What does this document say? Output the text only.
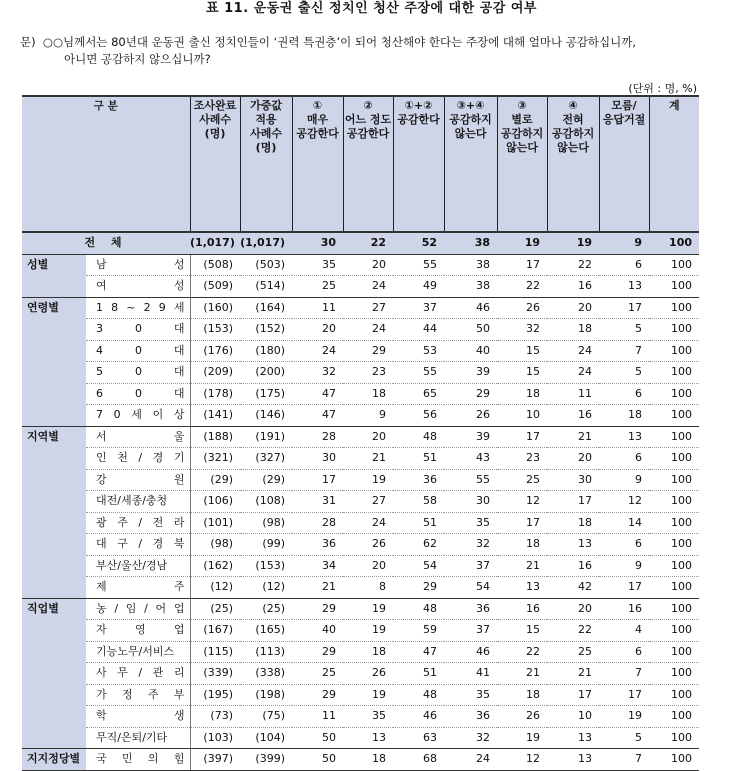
표 11. 운동권 출신 정치인 청산 주장에 대한 공감 여부
문) ○○님께서는 80년대 운동권 출신 정치인들이 ‘권력 특권층’이 되어 청산해야 한다는 주장에 대해 얼마나 공감하십니까,
아니면 공감하지 않으십니까?
(단위 : 명, %)
구 분		조사완료
사례수
(명)	가중값
적용
사례수
(명)	①
매우
공감한다	②
어느 정도
공감한다	①+②
공감한다	③+④
공감하지
않는다	③
별로
공감하지
않는다	④
전혀
공감하지
않는다	모름/
응답거절	계

전 체		(1,017)	(1,017)	30	22	52	38	19	19	9	100
성별	남 성	(508)	(503)	35	20	55	38	17	22	6	100
	여 성	(509)	(514)	25	24	49	38	22	16	13	100
연령별	1 8 ~ 2 9 세	(160)	(164)	11	27	37	46	26	20	17	100
	3 0 대	(153)	(152)	20	24	44	50	32	18	5	100
	4 0 대	(176)	(180)	24	29	53	40	15	24	7	100
	5 0 대	(209)	(200)	32	23	55	39	15	24	5	100
	6 0 대	(178)	(175)	47	18	65	29	18	11	6	100
	7 0 세 이 상	(141)	(146)	47	9	56	26	10	16	18	100
지역별	서 울	(188)	(191)	28	20	48	39	17	21	13	100
	인 천 / 경 기	(321)	(327)	30	21	51	43	23	20	6	100
	강 원	(29)	(29)	17	19	36	55	25	30	9	100
	대전/세종/충청	(106)	(108)	31	27	58	30	12	17	12	100
	광 주 / 전 라	(101)	(98)	28	24	51	35	17	18	14	100
	대 구 / 경 북	(98)	(99)	36	26	62	32	18	13	6	100
	부산/울산/경남	(162)	(153)	34	20	54	37	21	16	9	100
	제 주	(12)	(12)	21	8	29	54	13	42	17	100
직업별	농 / 임 / 어 업	(25)	(25)	29	19	48	36	16	20	16	100
	자 영 업	(167)	(165)	40	19	59	37	15	22	4	100
	기능노무/서비스	(115)	(113)	29	18	47	46	22	25	6	100
	사 무 / 관 리	(339)	(338)	25	26	51	41	21	21	7	100
	가 정 주 부	(195)	(198)	29	19	48	35	18	17	17	100
	학 생	(73)	(75)	11	35	46	36	26	10	19	100
	무직/은퇴/기타	(103)	(104)	50	13	63	32	19	13	5	100
지지정당별	국 민 의 힘	(397)	(399)	50	18	68	24	12	13	7	100
